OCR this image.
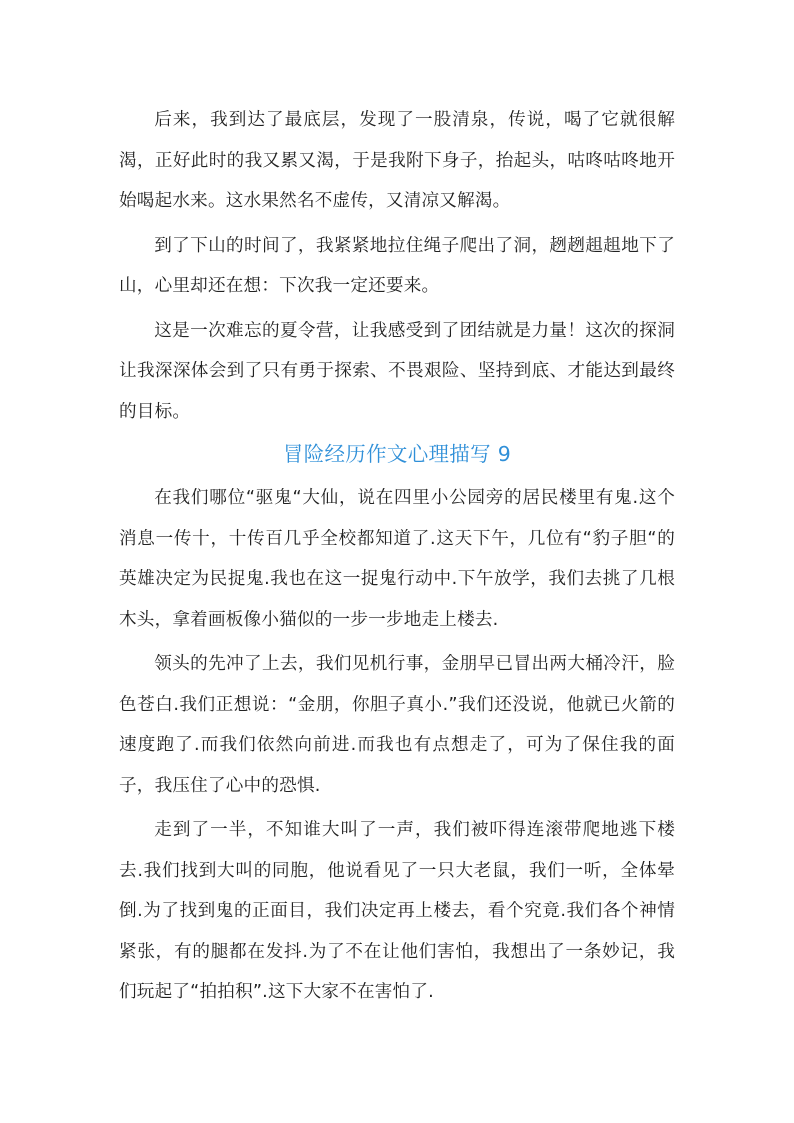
后来，我到达了最底层，发现了一股清泉，传说，喝了它就很解渴，正好此时的我又累又渴，于是我附下身子，抬起头，咕咚咕咚地开始喝起水来。这水果然名不虚传，又清凉又解渴。

到了下山的时间了，我紧紧地拉住绳子爬出了洞，趔趔趄趄地下了山，心里却还在想：下次我一定还要来。

这是一次难忘的夏令营，让我感受到了团结就是力量！这次的探洞让我深深体会到了只有勇于探索、不畏艰险、坚持到底、才能达到最终的目标。

冒险经历作文心理描写 9

在我们哪位“驱鬼“大仙，说在四里小公园旁的居民楼里有鬼.这个消息一传十，十传百几乎全校都知道了.这天下午，几位有“豹子胆“的英雄决定为民捉鬼.我也在这一捉鬼行动中.下午放学，我们去挑了几根木头，拿着画板像小猫似的一步一步地走上楼去.

领头的先冲了上去，我们见机行事，金朋早已冒出两大桶冷汗，脸色苍白.我们正想说：“金朋，你胆子真小.”我们还没说，他就已火箭的速度跑了.而我们依然向前进.而我也有点想走了，可为了保住我的面子，我压住了心中的恐惧.

走到了一半，不知谁大叫了一声，我们被吓得连滚带爬地逃下楼去.我们找到大叫的同胞，他说看见了一只大老鼠，我们一听，全体晕倒.为了找到鬼的正面目，我们决定再上楼去，看个究竟.我们各个神情紧张，有的腿都在发抖.为了不在让他们害怕，我想出了一条妙记，我们玩起了“拍拍积”.这下大家不在害怕了.
